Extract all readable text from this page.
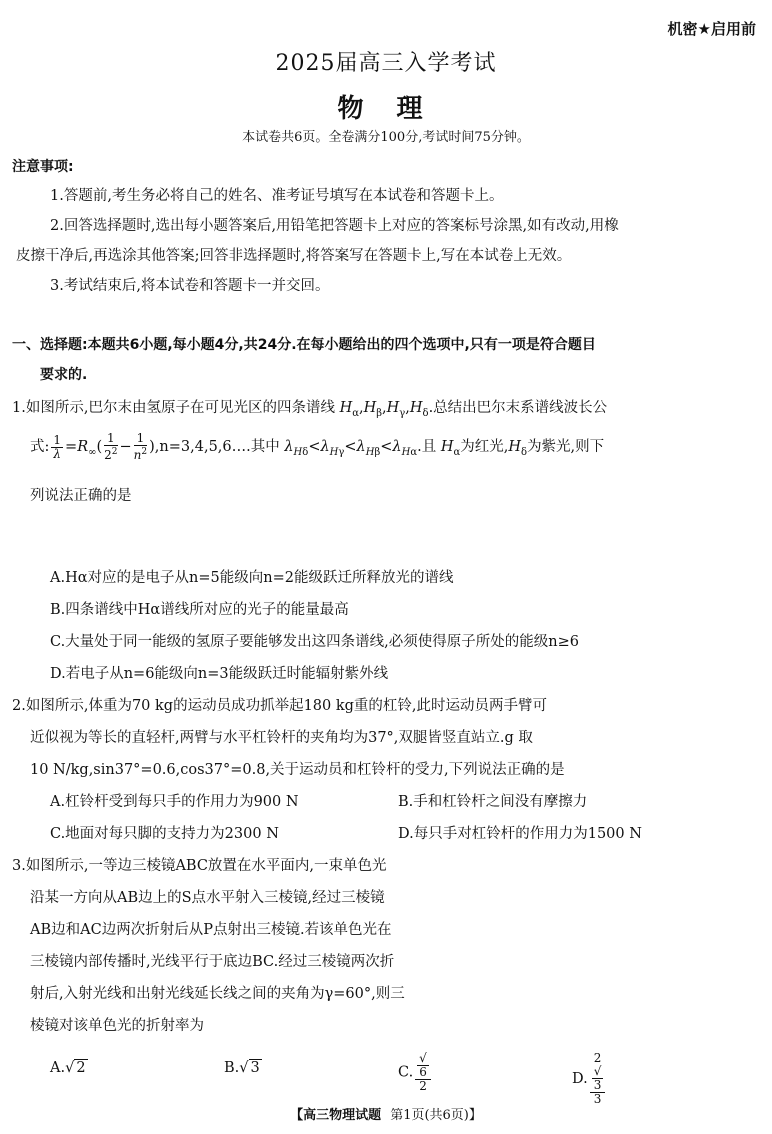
机密★启用前
2025届高三入学考试
物 理
本试卷共6页。全卷满分100分,考试时间75分钟。
注意事项:
1.答题前,考生务必将自己的姓名、准考证号填写在本试卷和答题卡上。
2.回答选择题时,选出每小题答案后,用铅笔把答题卡上对应的答案标号涂黑,如有改动,用橡
皮擦干净后,再选涂其他答案;回答非选择题时,将答案写在答题卡上,写在本试卷上无效。
3.考试结束后,将本试卷和答题卡一并交回。
一、选择题:本题共6小题,每小题4分,共24分.在每小题给出的四个选项中,只有一项是符合题目
要求的.
1.如图所示,巴尔末由氢原子在可见光区的四条谱线 $H_\alpha,H_\beta,H_\gamma,H_\delta$.总结出巴尔末系谱线波长公
式: $\frac{1}{\lambda} =R_\infty( \frac{1}{2^2} - \frac{1}{n^2}$ ),n=3,4,5,6….其中 $\lambda_{H\delta}<\lambda_{H\gamma}<\lambda_{H\beta}<\lambda_{H\alpha}$.且 $H_\alpha$为红光$,H_\delta$为紫光,则下
列说法正确的是
A.Hα对应的是电子从n=5能级向n=2能级跃迁所释放光的谱线
B.四条谱线中Hα谱线所对应的光子的能量最高
C.大量处于同一能级的氢原子要能够发出这四条谱线,必须使得原子所处的能级n≥6
D.若电子从n=6能级向n=3能级跃迁时能辐射紫外线
2.如图所示,体重为70 kg的运动员成功抓举起180 kg重的杠铃,此时运动员两手臂可
近似视为等长的直轻杆,两臂与水平杠铃杆的夹角均为37°,双腿皆竖直站立.g 取
10 N/kg,sin37°=0.6,cos37°=0.8,关于运动员和杠铃杆的受力,下列说法正确的是
A.杠铃杆受到每只手的作用力为900 N	B.手和杠铃杆之间没有摩擦力
C.地面对每只脚的支持力为2300 N	D.每只手对杠铃杆的作用力为1500 N
3.如图所示,一等边三棱镜ABC放置在水平面内,一束单色光
沿某一方向从AB边上的S点水平射入三棱镜,经过三棱镜
AB边和AC边两次折射后从P点射出三棱镜.若该单色光在
三棱镜内部传播时,光线平行于底边BC.经过三棱镜两次折
射后,入射光线和出射光线延长线之间的夹角为γ=60°,则三
棱镜对该单色光的折射率为
A.√ 2	B.√ 3	C. √
6
2	D. 2
√
3
3
【高三物理试题 第1页(共6页)】
